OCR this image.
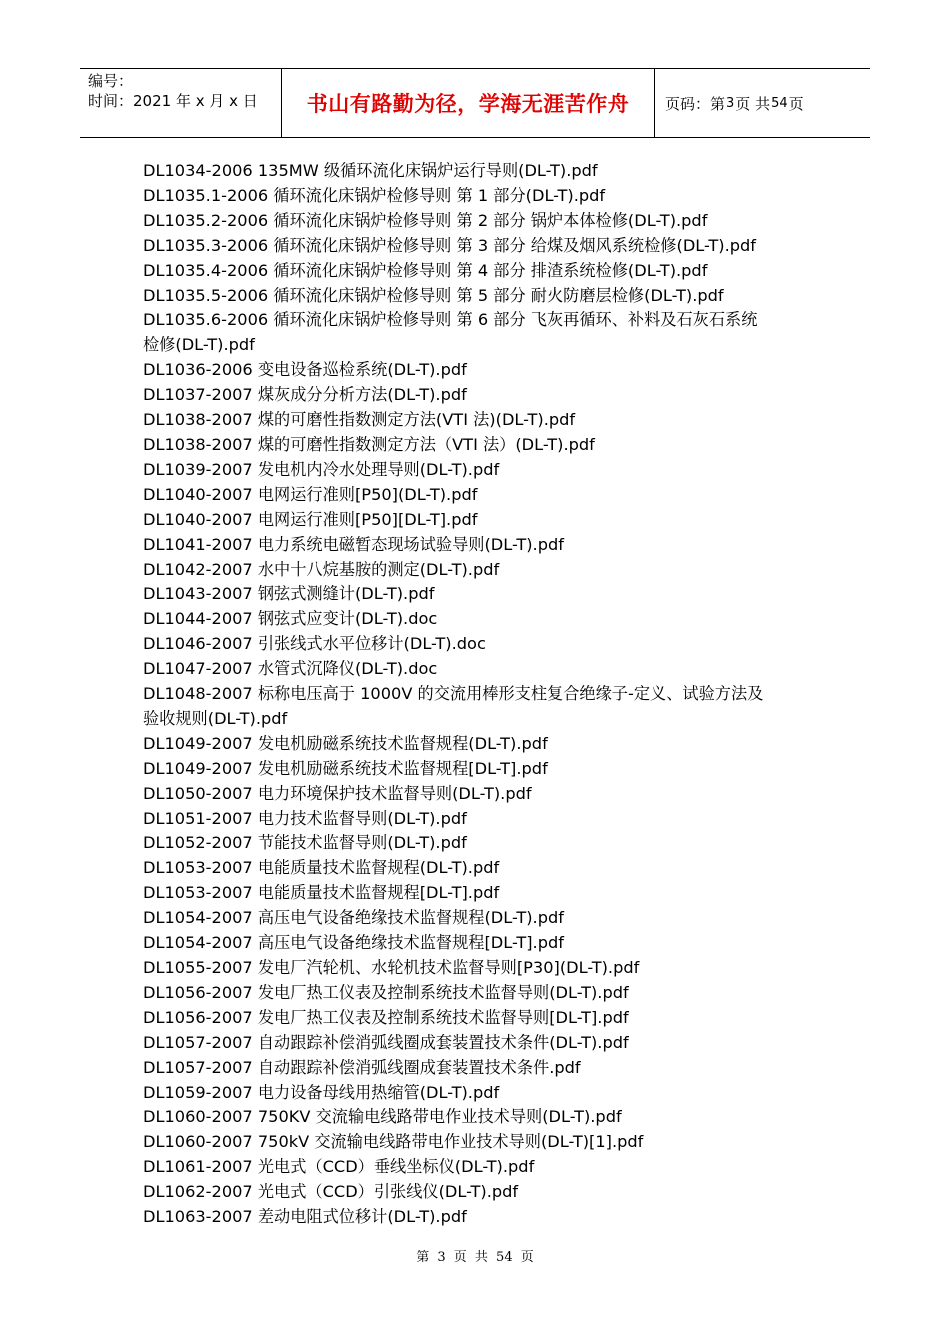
编号：
时间：2021 年 x 月 x 日	书山有路勤为径，学海无涯苦作舟	页码：第 3 页 共 54 页
DL1034-2006 135MW 级循环流化床锅炉运行导则(DL-T).pdf
DL1035.1-2006 循环流化床锅炉检修导则 第 1 部分(DL-T).pdf
DL1035.2-2006 循环流化床锅炉检修导则 第 2 部分 锅炉本体检修(DL-T).pdf
DL1035.3-2006 循环流化床锅炉检修导则 第 3 部分 给煤及烟风系统检修(DL-T).pdf
DL1035.4-2006 循环流化床锅炉检修导则 第 4 部分 排渣系统检修(DL-T).pdf
DL1035.5-2006 循环流化床锅炉检修导则 第 5 部分 耐火防磨层检修(DL-T).pdf
DL1035.6-2006 循环流化床锅炉检修导则 第 6 部分 飞灰再循环、补料及石灰石系统
检修(DL-T).pdf
DL1036-2006 变电设备巡检系统(DL-T).pdf
DL1037-2007 煤灰成分分析方法(DL-T).pdf
DL1038-2007 煤的可磨性指数测定方法(VTI 法)(DL-T).pdf
DL1038-2007 煤的可磨性指数测定方法（VTI 法）(DL-T).pdf
DL1039-2007 发电机内冷水处理导则(DL-T).pdf
DL1040-2007 电网运行准则[P50](DL-T).pdf
DL1040-2007 电网运行准则[P50][DL-T].pdf
DL1041-2007 电力系统电磁暂态现场试验导则(DL-T).pdf
DL1042-2007 水中十八烷基胺的测定(DL-T).pdf
DL1043-2007 钢弦式测缝计(DL-T).pdf
DL1044-2007 钢弦式应变计(DL-T).doc
DL1046-2007 引张线式水平位移计(DL-T).doc
DL1047-2007 水管式沉降仪(DL-T).doc
DL1048-2007 标称电压高于 1000V 的交流用棒形支柱复合绝缘子-定义、试验方法及
验收规则(DL-T).pdf
DL1049-2007 发电机励磁系统技术监督规程(DL-T).pdf
DL1049-2007 发电机励磁系统技术监督规程[DL-T].pdf
DL1050-2007 电力环境保护技术监督导则(DL-T).pdf
DL1051-2007 电力技术监督导则(DL-T).pdf
DL1052-2007 节能技术监督导则(DL-T).pdf
DL1053-2007 电能质量技术监督规程(DL-T).pdf
DL1053-2007 电能质量技术监督规程[DL-T].pdf
DL1054-2007 高压电气设备绝缘技术监督规程(DL-T).pdf
DL1054-2007 高压电气设备绝缘技术监督规程[DL-T].pdf
DL1055-2007 发电厂汽轮机、水轮机技术监督导则[P30](DL-T).pdf
DL1056-2007 发电厂热工仪表及控制系统技术监督导则(DL-T).pdf
DL1056-2007 发电厂热工仪表及控制系统技术监督导则[DL-T].pdf
DL1057-2007 自动跟踪补偿消弧线圈成套装置技术条件(DL-T).pdf
DL1057-2007 自动跟踪补偿消弧线圈成套装置技术条件.pdf
DL1059-2007 电力设备母线用热缩管(DL-T).pdf
DL1060-2007 750KV 交流输电线路带电作业技术导则(DL-T).pdf
DL1060-2007 750kV 交流输电线路带电作业技术导则(DL-T)[1].pdf
DL1061-2007 光电式（CCD）垂线坐标仪(DL-T).pdf
DL1062-2007 光电式（CCD）引张线仪(DL-T).pdf
DL1063-2007 差动电阻式位移计(DL-T).pdf
第 3 页 共 54 页
